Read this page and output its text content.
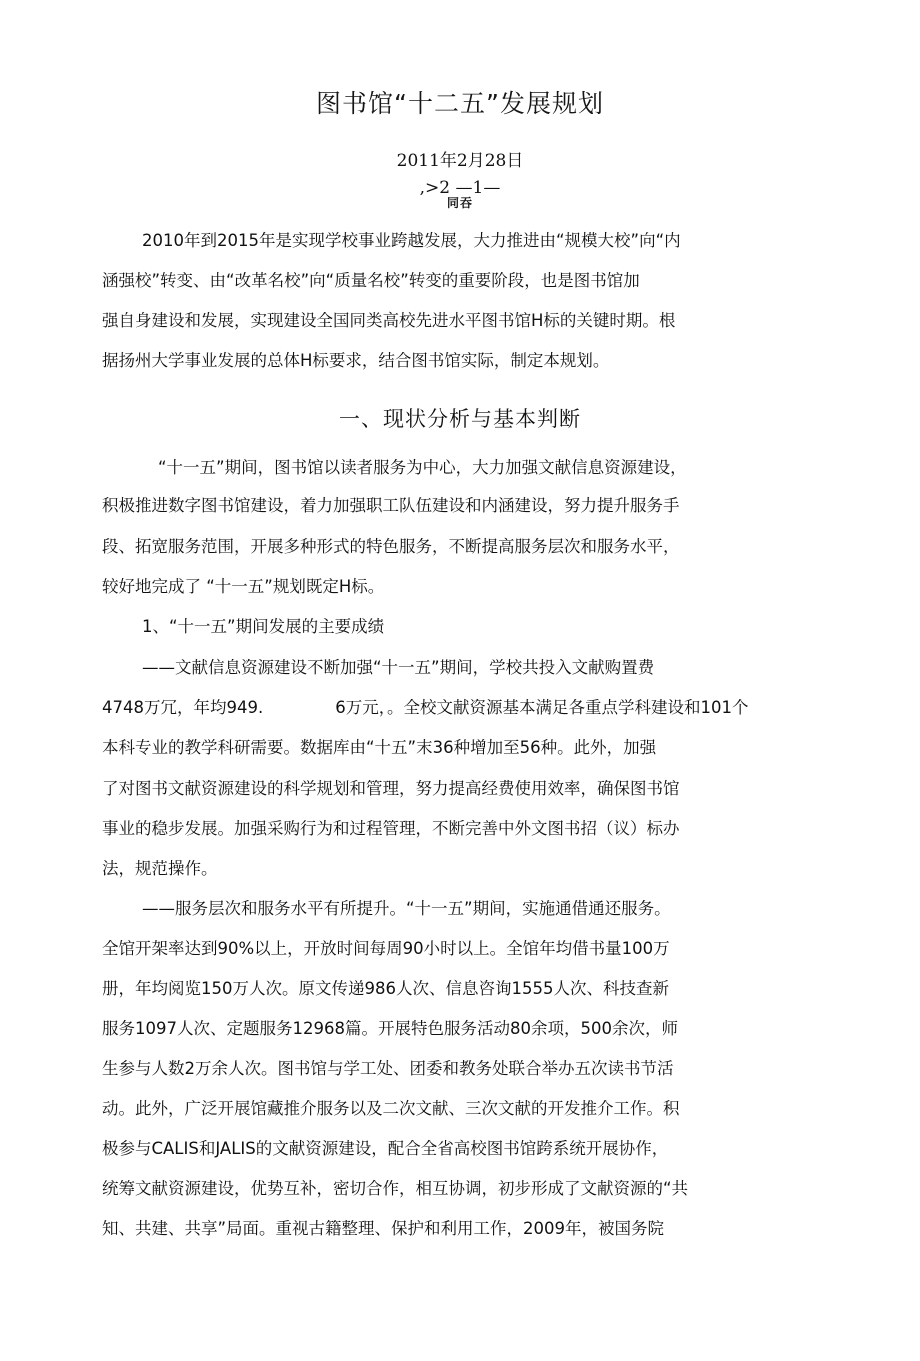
图书馆“十二五”发展规划
2011年2月28日
,>2 —1—
同吞
2010年到2015年是实现学校事业跨越发展，大力推进由“规模大校”向“内
涵强校”转变、由“改革名校”向“质量名校”转变的重要阶段，也是图书馆加
强自身建设和发展，实现建设全国同类高校先进水平图书馆H标的关键时期。根
据扬州大学事业发展的总体H标要求，结合图书馆实际，制定本规划。
一、现状分析与基本判断
“十一五”期间，图书馆以读者服务为中心，大力加强文献信息资源建设，
积极推进数字图书馆建设，着力加强职工队伍建设和内涵建设，努力提升服务手
段、拓宽服务范围，开展多种形式的特色服务，不断提高服务层次和服务水平，
较好地完成了 “十一五”规划既定H标。
1、“十一五”期间发展的主要成绩
——文献信息资源建设不断加强“十一五”期间，学校共投入文献购置费
4748万冗，年均949.	6万元，。全校文献资源基本满足各重点学科建设和101个
本科专业的教学科研需要。数据库由“十五”末36种增加至56种。此外，加强
了对图书文献资源建设的科学规划和管理，努力提高经费使用效率，确保图书馆
事业的稳步发展。加强采购行为和过程管理，不断完善中外文图书招（议）标办
法，规范操作。
——服务层次和服务水平有所提升。“十一五”期间，实施通借通还服务。
全馆开架率达到90%以上，开放时间每周90小时以上。全馆年均借书量100万
册，年均阅览150万人次。原文传递986人次、信息咨询1555人次、科技查新
服务1097人次、定题服务12968篇。开展特色服务活动80余项，500余次，师
生参与人数2万余人次。图书馆与学工处、团委和教务处联合举办五次读书节活
动。此外，广泛开展馆藏推介服务以及二次文献、三次文献的开发推介工作。积
极参与CALIS和JALIS的文献资源建设，配合全省高校图书馆跨系统开展协作，
统筹文献资源建设，优势互补，密切合作，相互协调，初步形成了文献资源的“共
知、共建、共享”局面。重视古籍整理、保护和利用工作，2009年，被国务院
